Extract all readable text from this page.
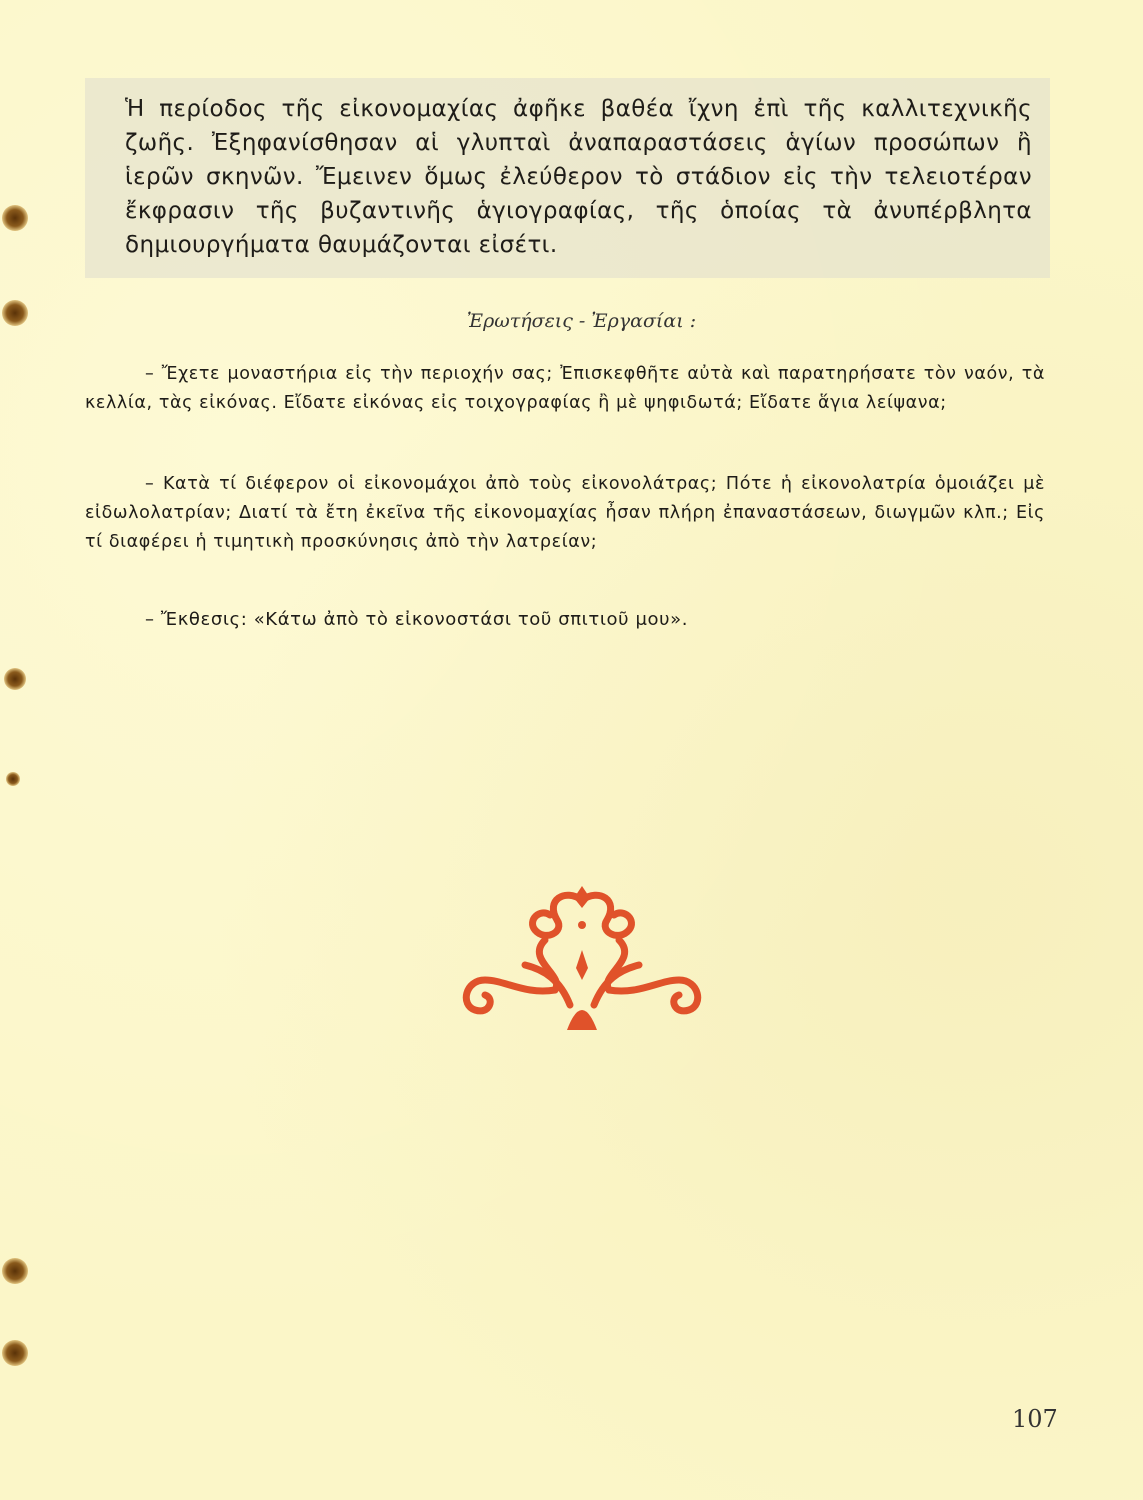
Ἡ περίοδος τῆς εἰκονομαχίας ἀφῆκε βαθέα ἴχνη ἐπὶ τῆς καλλιτεχνικῆς ζωῆς. Ἐξηφανίσθησαν αἱ γλυπταὶ ἀναπαραστάσεις ἁγίων προσώπων ἢ ἱερῶν σκηνῶν. Ἔμεινεν ὅμως ἐλεύθερον τὸ στάδιον εἰς τὴν τελειοτέραν ἔκφρασιν τῆς βυζαντινῆς ἁγιογραφίας, τῆς ὁποίας τὰ ἀνυπέρβλητα δημιουργήματα θαυμάζονται εἰσέτι.

Ἐρωτήσεις - Ἐργασίαι :

– Ἔχετε μοναστήρια εἰς τὴν περιοχήν σας; Ἐπισκεφθῆτε αὐτὰ καὶ παρατηρήσατε τὸν ναόν, τὰ κελλία, τὰς εἰκόνας. Εἴδατε εἰκόνας εἰς τοιχογραφίας ἢ μὲ ψηφιδωτά; Εἴδατε ἅγια λείψανα;

– Κατὰ τί διέφερον οἱ εἰκονομάχοι ἀπὸ τοὺς εἰκονολάτρας; Πότε ἡ εἰκονολατρία ὁμοιάζει μὲ εἰδωλολατρίαν; Διατί τὰ ἔτη ἐκεῖνα τῆς εἰκονομαχίας ἦσαν πλήρη ἐπαναστάσεων, διωγμῶν κλπ.; Εἰς τί διαφέρει ἡ τιμητικὴ προσκύνησις ἀπὸ τὴν λατρείαν;

– Ἔκθεσις: «Κάτω ἀπὸ τὸ εἰκονοστάσι τοῦ σπιτιοῦ μου».

107
